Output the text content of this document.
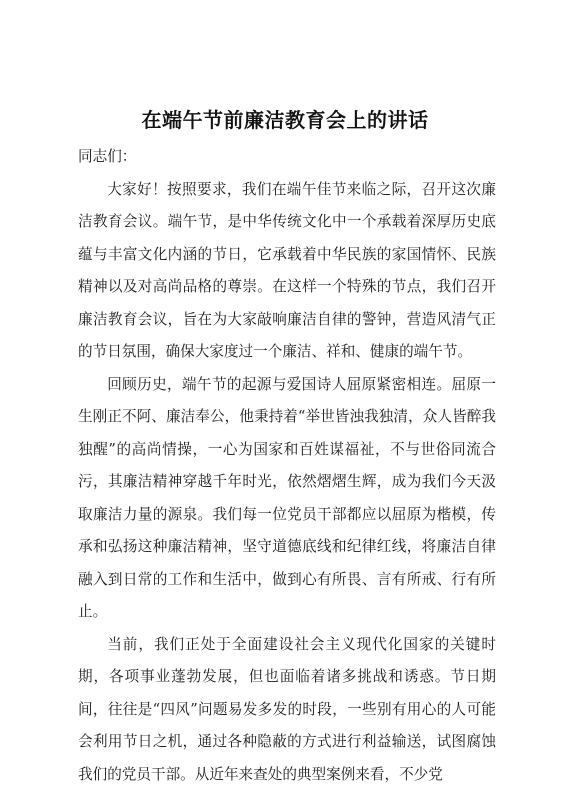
在端午节前廉洁教育会上的讲话

同志们：

大家好！按照要求，我们在端午佳节来临之际，召开这次廉洁教育会议。端午节，是中华传统文化中一个承载着深厚历史底蕴与丰富文化内涵的节日，它承载着中华民族的家国情怀、民族精神以及对高尚品格的尊崇。在这样一个特殊的节点，我们召开廉洁教育会议，旨在为大家敲响廉洁自律的警钟，营造风清气正的节日氛围，确保大家度过一个廉洁、祥和、健康的端午节。

回顾历史，端午节的起源与爱国诗人屈原紧密相连。屈原一生刚正不阿、廉洁奉公，他秉持着“举世皆浊我独清，众人皆醉我独醒”的高尚情操，一心为国家和百姓谋福祉，不与世俗同流合污，其廉洁精神穿越千年时光，依然熠熠生辉，成为我们今天汲取廉洁力量的源泉。我们每一位党员干部都应以屈原为楷模，传承和弘扬这种廉洁精神，坚守道德底线和纪律红线，将廉洁自律融入到日常的工作和生活中，做到心有所畏、言有所戒、行有所止。

当前，我们正处于全面建设社会主义现代化国家的关键时期，各项事业蓬勃发展，但也面临着诸多挑战和诱惑。节日期间，往往是“四风”问题易发多发的时段，一些别有用心的人可能会利用节日之机，通过各种隐蔽的方式进行利益输送，试图腐蚀我们的党员干部。从近年来查处的典型案例来看，不少党
